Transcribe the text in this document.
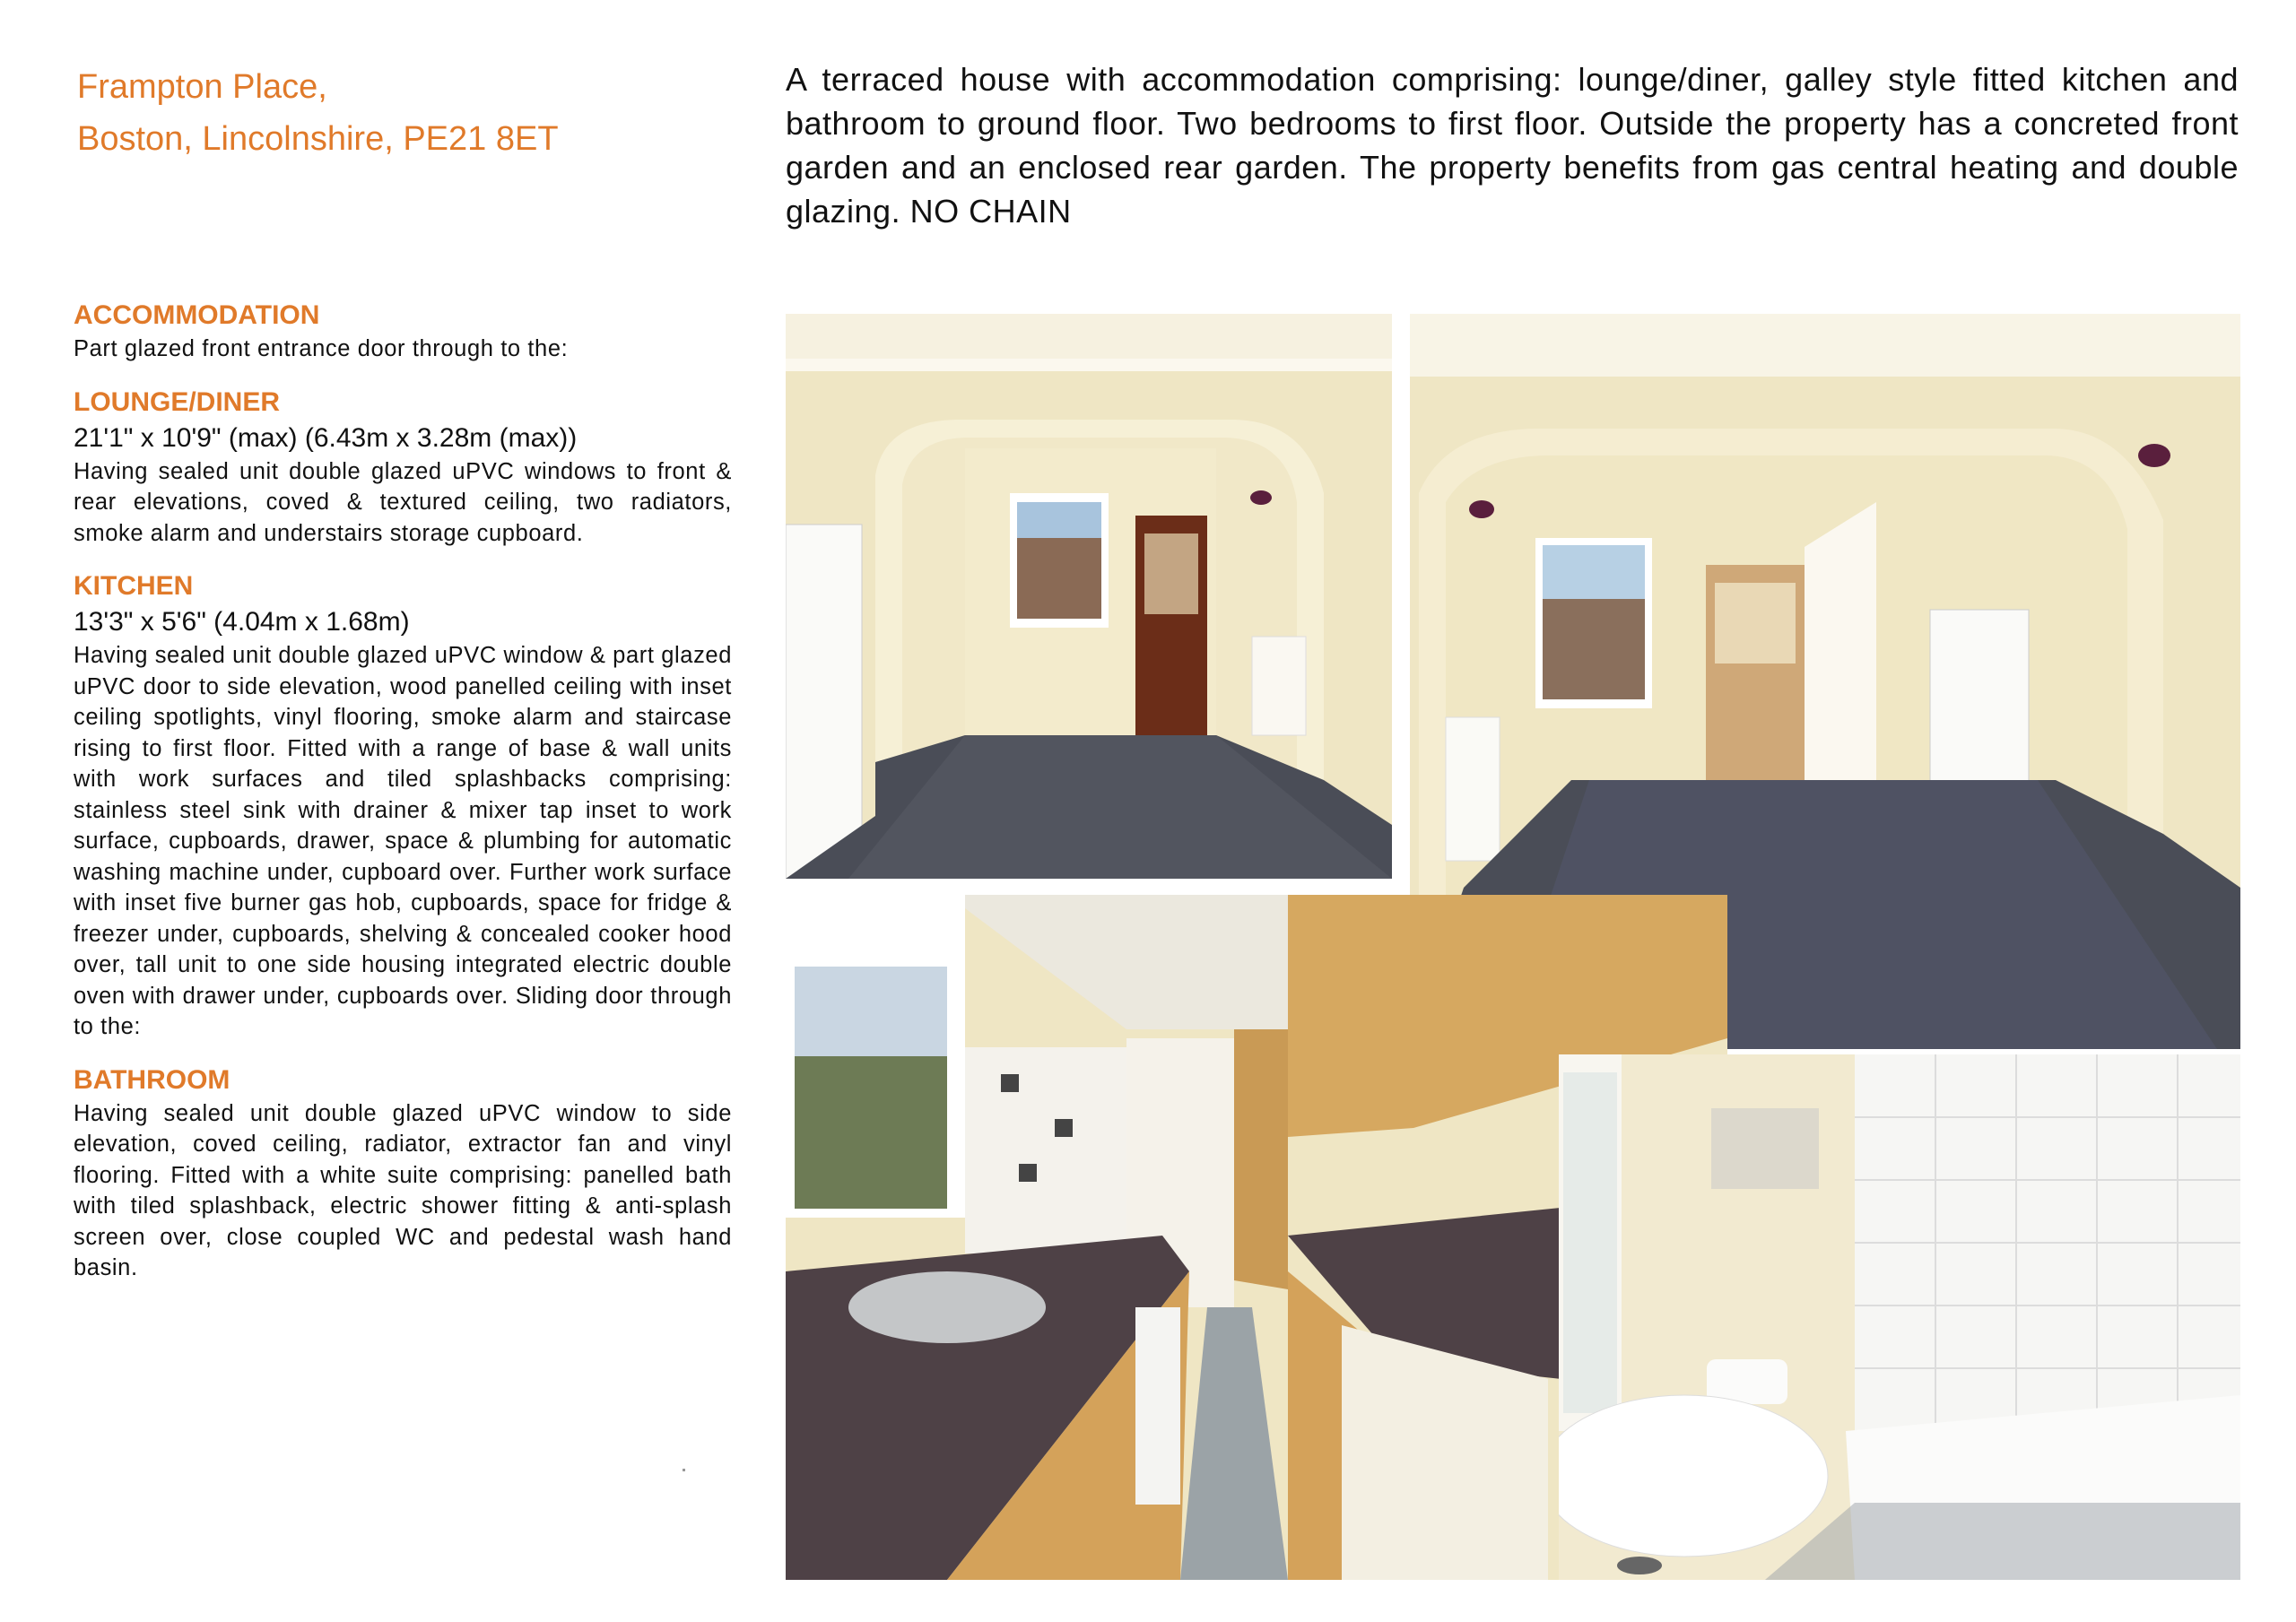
Frampton Place,
Boston, Lincolnshire, PE21 8ET
A terraced house with accommodation comprising: lounge/diner, galley style fitted kitchen and bathroom to ground floor. Two bedrooms to first floor. Outside the property has a concreted front garden and an enclosed rear garden. The property benefits from gas central heating and double glazing. NO CHAIN
ACCOMMODATION
Part glazed front entrance door through to the:
LOUNGE/DINER
21'1" x 10'9" (max) (6.43m x 3.28m (max))
Having sealed unit double glazed uPVC windows to front & rear elevations, coved & textured ceiling, two radiators, smoke alarm and understairs storage cupboard.
KITCHEN
13'3" x 5'6" (4.04m x 1.68m)
Having sealed unit double glazed uPVC window & part glazed uPVC door to side elevation, wood panelled ceiling with inset ceiling spotlights, vinyl flooring, smoke alarm and staircase rising to first floor. Fitted with a range of base & wall units with work surfaces and tiled splashbacks comprising: stainless steel sink with drainer & mixer tap inset to work surface, cupboards, drawer, space & plumbing for automatic washing machine under, cupboard over. Further work surface with inset five burner gas hob, cupboards, space for fridge & freezer under, cupboards, shelving & concealed cooker hood over, tall unit to one side housing integrated electric double oven with drawer under, cupboards over. Sliding door through to the:
BATHROOM
Having sealed unit double glazed uPVC window to side elevation, coved ceiling, radiator, extractor fan and vinyl flooring. Fitted with a white suite comprising: panelled bath with tiled splashback, electric shower fitting & anti-splash screen over, close coupled WC and pedestal wash hand basin.
